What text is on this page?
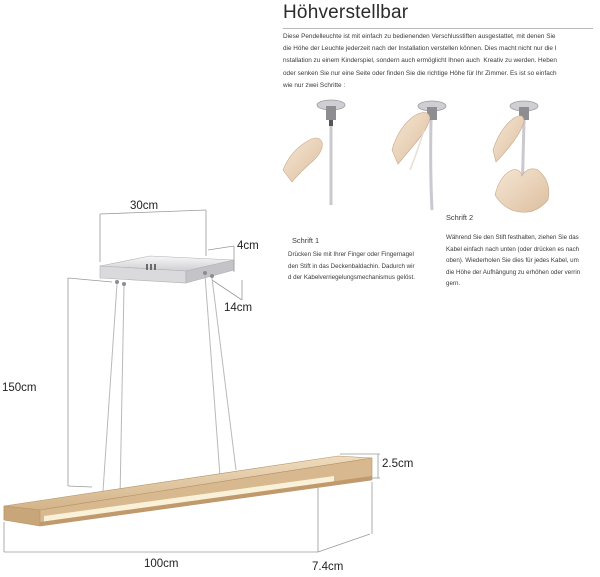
Höhverstellbar
Diese Pendelleuchte ist mit einfach zu bedienenden Verschlusstiften ausgestattet, mit denen Sie
die Höhe der Leuchte jederzeit nach der Installation verstellen können. Dies macht nicht nur die I
nstallation zu einem Kinderspiel, sondern auch ermöglicht Ihnen auch  Kreativ zu werden. Heben
oder senken Sie nur eine Seite oder finden Sie die richtige Höhe für Ihr Zimmer. Es ist so einfach
wie nur zwei Schritte :
Schrift 1
Drücken Sie mit Ihrer Finger oder Fingernagel
den Stift in das Deckenbaldachin. Dadurch wir
d der Kabelverriegelungsmechanismus gelöst.
Schrift 2
Während Sie den Stift festhalten, ziehen Sie das
Kabel einfach nach unten (oder drücken es nach
oben). Wiederholen Sie dies für jedes Kabel, um
die Höhe der Aufhängung zu erhöhen oder verrin
gern.
30cm
4cm
14cm
150cm
2.5cm
100cm	7.4cm
